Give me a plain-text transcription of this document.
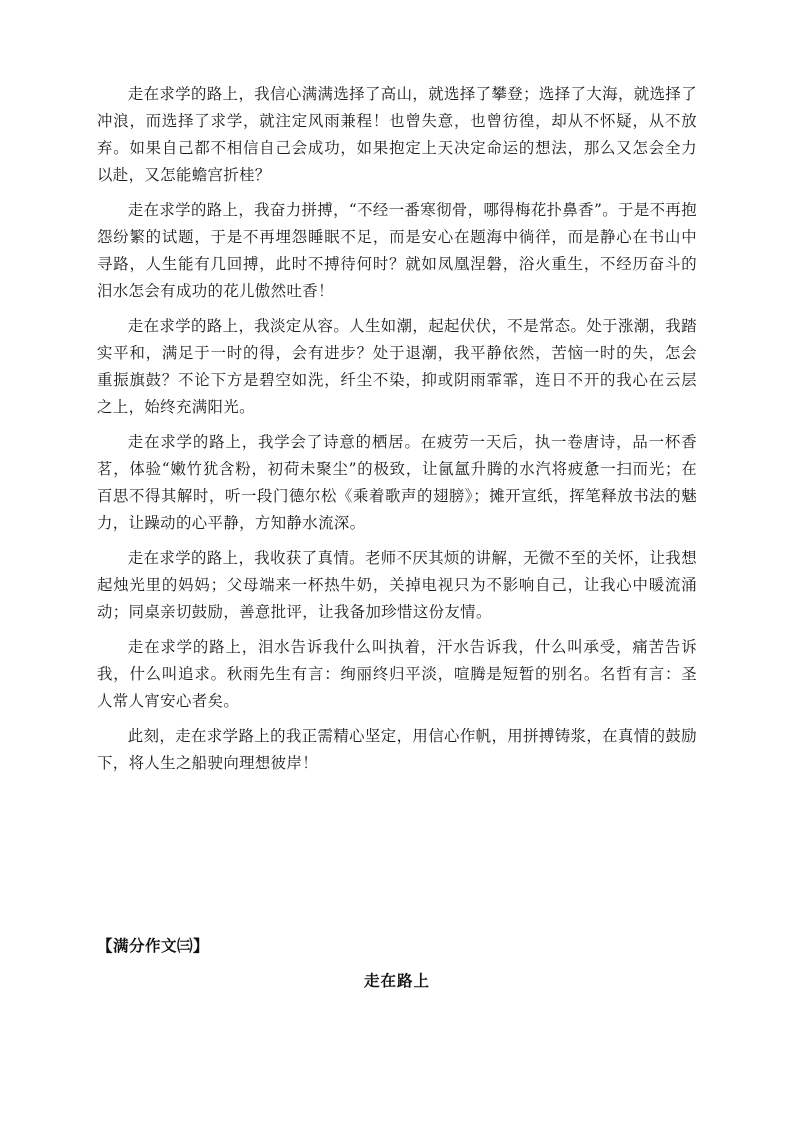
走在求学的路上，我信心满满选择了高山，就选择了攀登；选择了大海，就选择了冲浪，而选择了求学，就注定风雨兼程！也曾失意，也曾彷徨，却从不怀疑，从不放弃。如果自己都不相信自己会成功，如果抱定上天决定命运的想法，那么又怎会全力以赴，又怎能蟾宫折桂？

走在求学的路上，我奋力拼搏，“不经一番寒彻骨，哪得梅花扑鼻香”。于是不再抱怨纷繁的试题，于是不再埋怨睡眠不足，而是安心在题海中徜徉，而是静心在书山中寻路，人生能有几回搏，此时不搏待何时？就如凤凰涅磐，浴火重生，不经历奋斗的汨水怎会有成功的花儿傲然吐香！

走在求学的路上，我淡定从容。人生如潮，起起伏伏，不是常态。处于涨潮，我踏实平和，满足于一时的得，会有进步？处于退潮，我平静依然，苦恼一时的失，怎会重振旗鼓？不论下方是碧空如洗，纤尘不染，抑或阴雨霏霏，连日不开的我心在云层之上，始终充满阳光。

走在求学的路上，我学会了诗意的栖居。在疲劳一天后，执一卷唐诗，品一杯香茗，体验“嫩竹犹含粉，初荷未聚尘”的极致，让氤氲升腾的水汽将疲惫一扫而光；在百思不得其解时，听一段门德尔松《乘着歌声的翅膀》；摊开宣纸，挥笔释放书法的魅力，让躁动的心平静，方知静水流深。

走在求学的路上，我收获了真情。老师不厌其烦的讲解，无微不至的关怀，让我想起烛光里的妈妈；父母端来一杯热牛奶，关掉电视只为不影响自己，让我心中暖流涌动；同桌亲切鼓励，善意批评，让我备加珍惜这份友情。

走在求学的路上，泪水告诉我什么叫执着，汗水告诉我，什么叫承受，痛苦告诉我，什么叫追求。秋雨先生有言：绚丽终归平淡，喧腾是短暂的别名。名哲有言：圣人常人宵安心者矣。

此刻，走在求学路上的我正需精心坚定，用信心作帆，用拼搏铸浆，在真情的鼓励下，将人生之船驶向理想彼岸！

【满分作文㈢】
走在路上
